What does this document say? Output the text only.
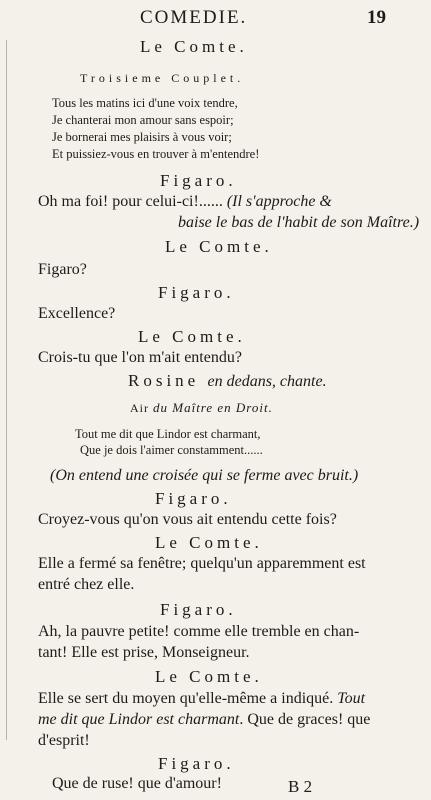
COMEDIE.	19
Le Comte.
Troisieme Couplet.
Tous les matins ici d'une voix tendre,
Je chanterai mon amour sans espoir;
Je bornerai mes plaisirs à vous voir;
Et puissiez-vous en trouver à m'entendre!
Figaro.
Oh ma foi! pour celui-ci!...... (Il s'approche &
baise le bas de l'habit de son Maître.)
Le Comte.
Figaro?
Figaro.
Excellence?
Le Comte.
Crois-tu que l'on m'ait entendu?
Rosine en dedans, chante.
Air du Maître en Droit.
Tout me dit que Lindor est charmant,
Que je dois l'aimer constamment......
(On entend une croisée qui se ferme avec bruit.)
Figaro.
Croyez-vous qu'on vous ait entendu cette fois?
Le Comte.
Elle a fermé sa fenêtre; quelqu'un apparemment est
entré chez elle.
Figaro.
Ah, la pauvre petite! comme elle tremble en chan-
tant! Elle est prise, Monseigneur.
Le Comte.
Elle se sert du moyen qu'elle-même a indiqué. Tout
me dit que Lindor est charmant. Que de graces! que
d'esprit!
Figaro.
Que de ruse! que d'amour!	B 2
